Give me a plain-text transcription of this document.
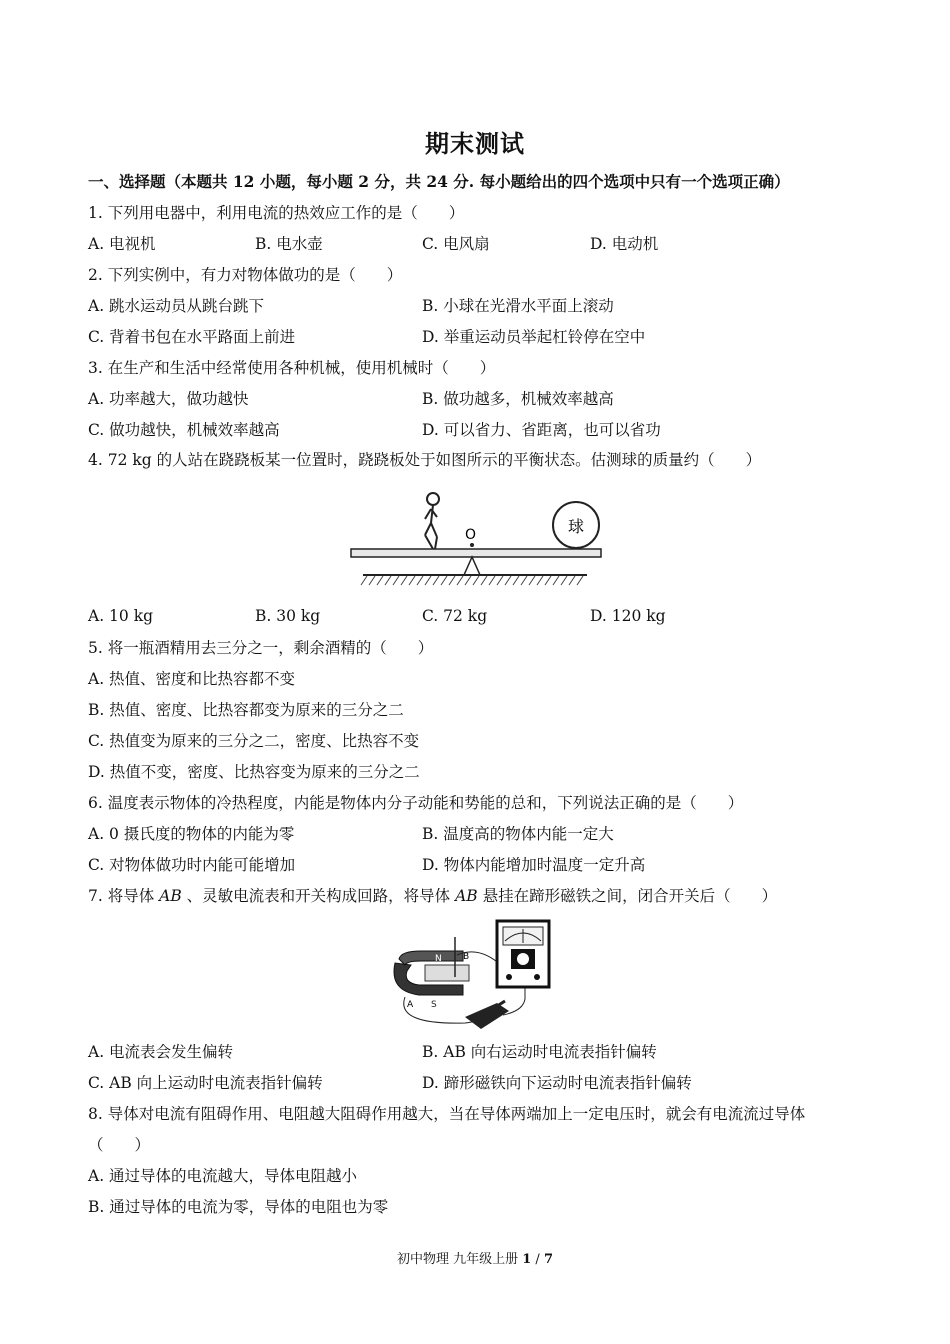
期末测试
一、选择题（本题共 12 小题，每小题 2 分，共 24 分. 每小题给出的四个选项中只有一个选项正确）
1. 下列用电器中，利用电流的热效应工作的是（　　）
A. 电视机	B. 电水壶	C. 电风扇	D. 电动机
2. 下列实例中，有力对物体做功的是（　　）
A. 跳水运动员从跳台跳下	B. 小球在光滑水平面上滚动
C. 背着书包在水平路面上前进	D. 举重运动员举起杠铃停在空中
3. 在生产和生活中经常使用各种机械，使用机械时（　　）
A. 功率越大，做功越快	B. 做功越多，机械效率越高
C. 做功越快，机械效率越高	D. 可以省力、省距离，也可以省功
4. 72 kg 的人站在跷跷板某一位置时，跷跷板处于如图所示的平衡状态。估测球的质量约（　　）
O	球
A. 10 kg	B. 30 kg	C. 72 kg	D. 120 kg
5. 将一瓶酒精用去三分之一，剩余酒精的（　　）
A. 热值、密度和比热容都不变
B. 热值、密度、比热容都变为原来的三分之二
C. 热值变为原来的三分之二，密度、比热容不变
D. 热值不变，密度、比热容变为原来的三分之二
6. 温度表示物体的冷热程度，内能是物体内分子动能和势能的总和，下列说法正确的是（　　）
A. 0 摄氏度的物体的内能为零	B. 温度高的物体内能一定大
C. 对物体做功时内能可能增加	D. 物体内能增加时温度一定升高
7. 将导体 AB 、灵敏电流表和开关构成回路，将导体 AB 悬挂在蹄形磁铁之间，闭合开关后（　　）
N
S
A
B
A. 电流表会发生偏转	B. AB 向右运动时电流表指针偏转
C. AB 向上运动时电流表指针偏转	D. 蹄形磁铁向下运动时电流表指针偏转
8. 导体对电流有阻碍作用、电阻越大阻碍作用越大，当在导体两端加上一定电压时，就会有电流流过导体
（　　）
A. 通过导体的电流越大，导体电阻越小
B. 通过导体的电流为零，导体的电阻也为零
初中物理 九年级上册 1 / 7
